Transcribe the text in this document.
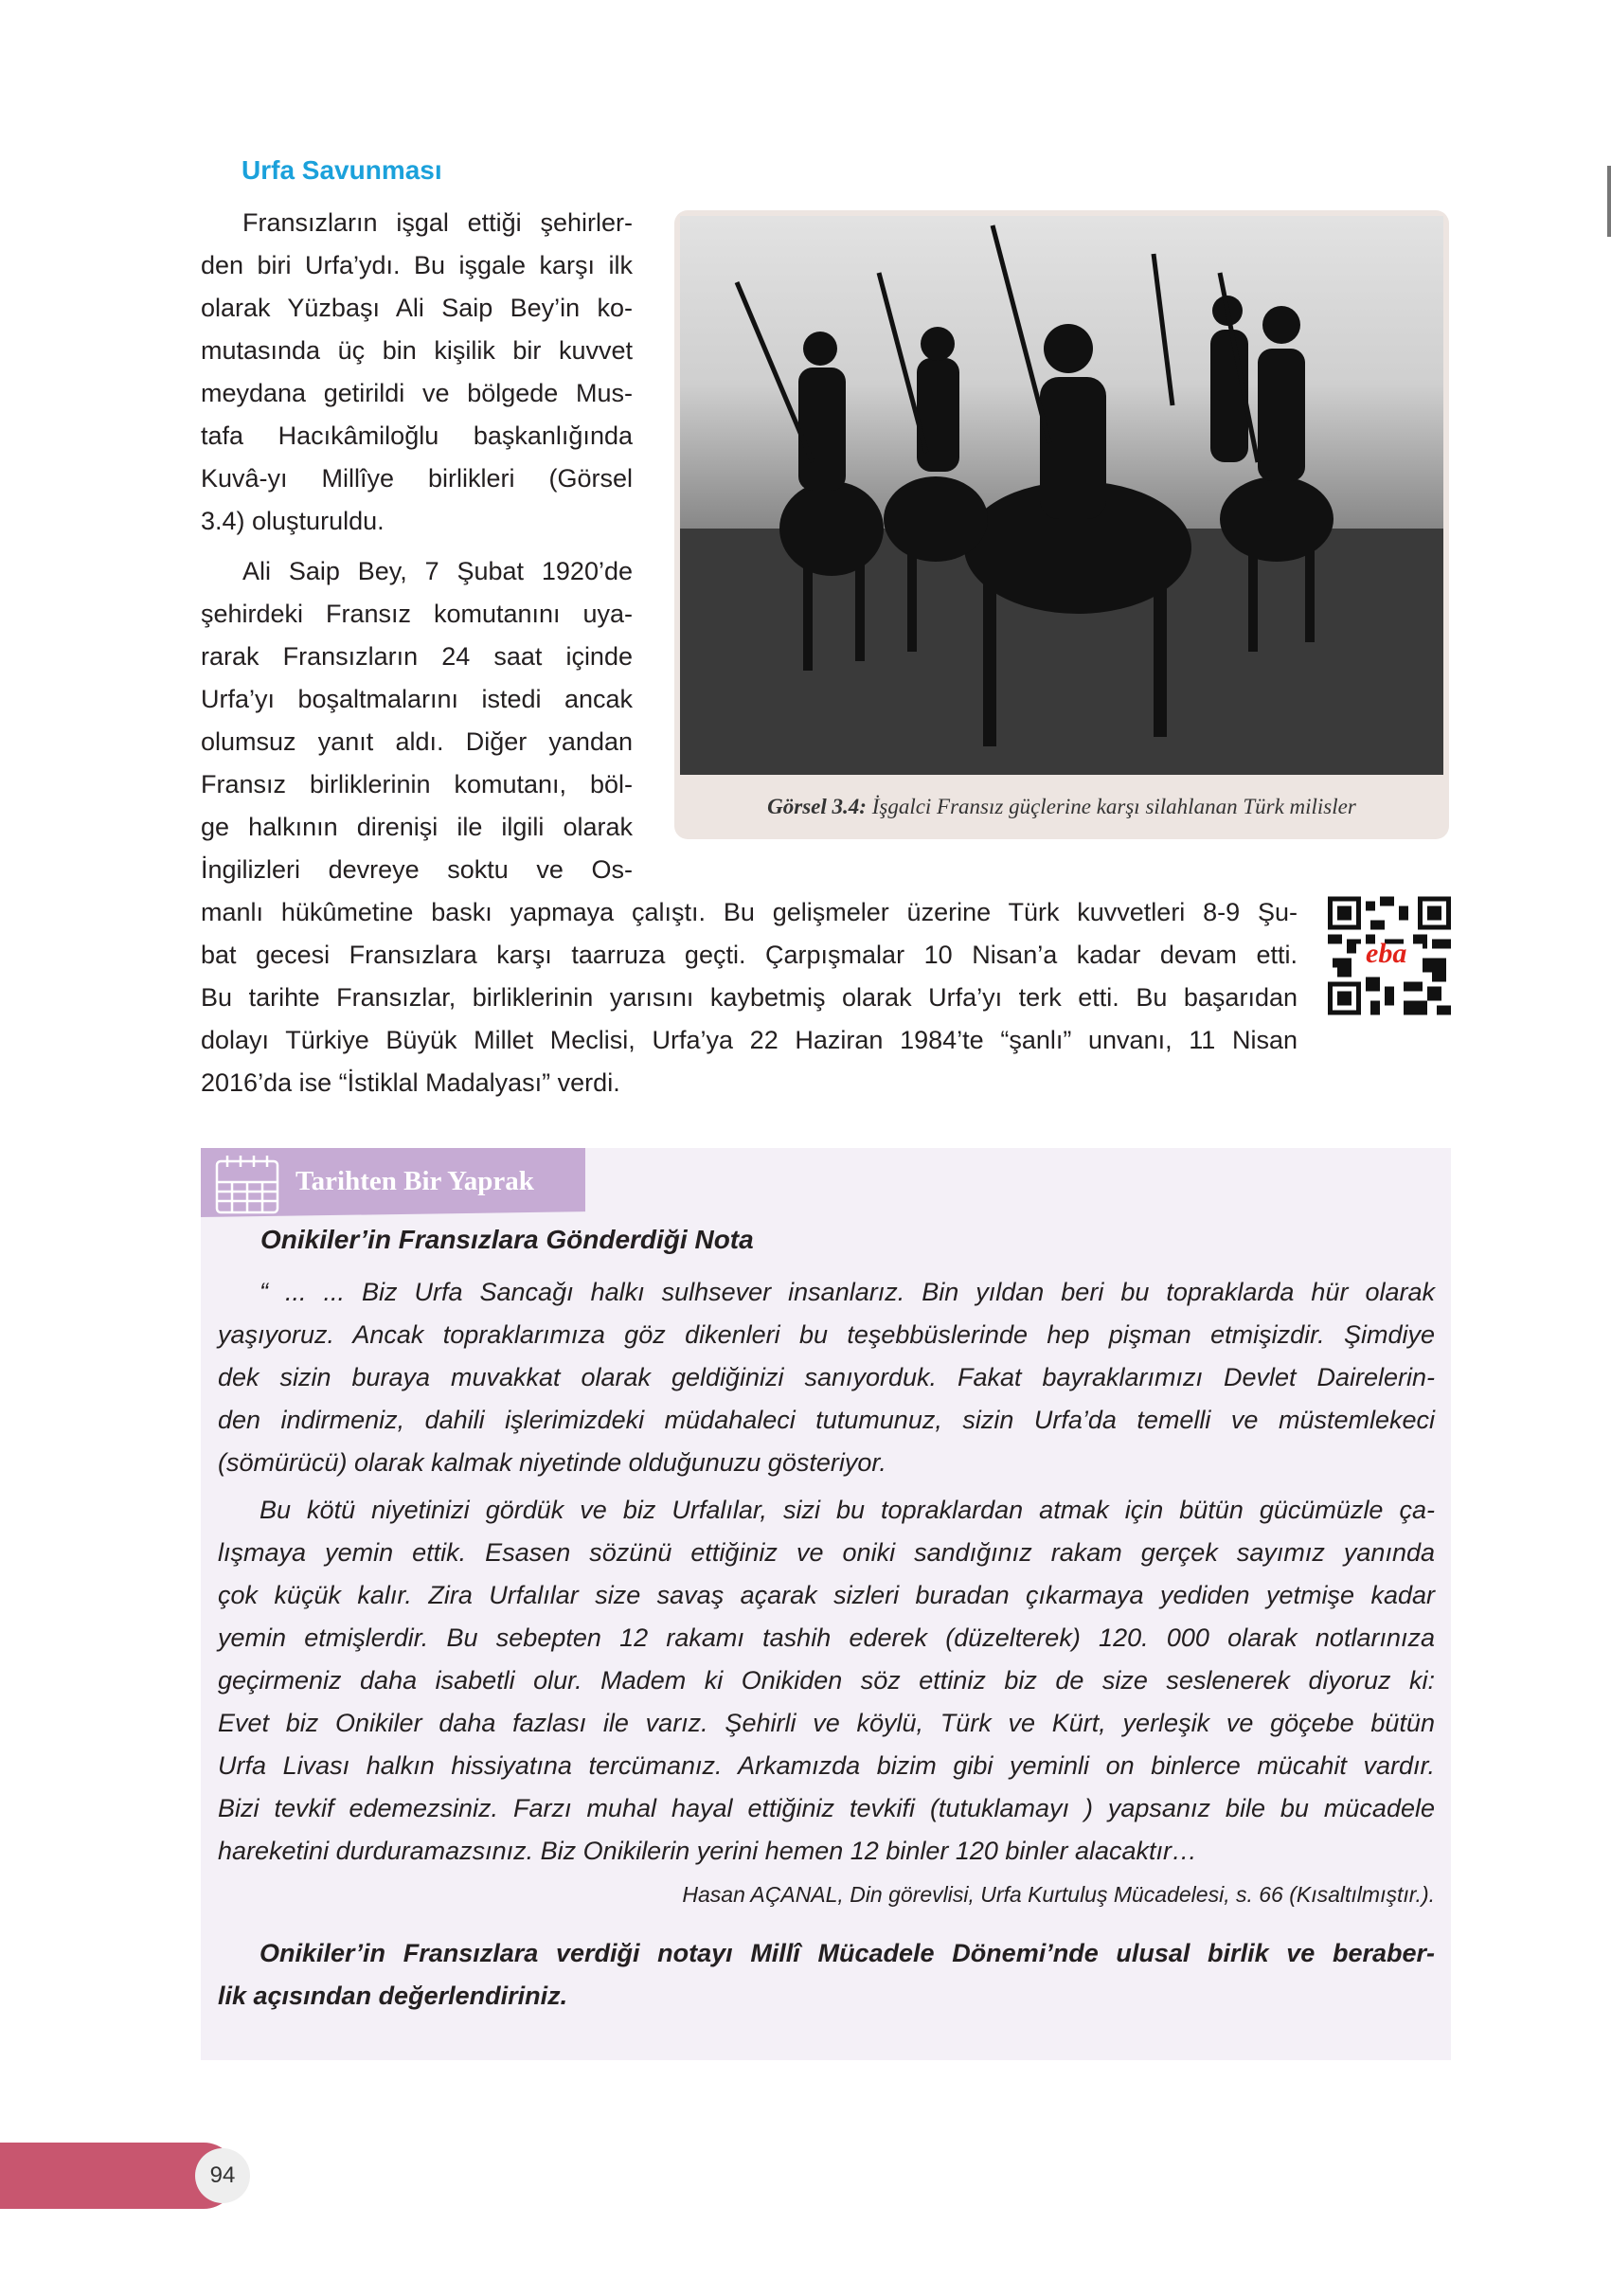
Urfa Savunması
Fransızların işgal ettiği şehirler-
den biri Urfa’ydı. Bu işgale karşı ilk
olarak Yüzbaşı Ali Saip Bey’in ko-
mutasında üç bin kişilik bir kuvvet
meydana getirildi ve bölgede Mus-
tafa Hacıkâmiloğlu başkanlığında
Kuvâ-yı Millîye birlikleri (Görsel
3.4) oluşturuldu.
Ali Saip Bey, 7 Şubat 1920’de
şehirdeki Fransız komutanını uya-
rarak Fransızların 24 saat içinde
Urfa’yı boşaltmalarını istedi ancak
olumsuz yanıt aldı. Diğer yandan
Fransız birliklerinin komutanı, böl-
ge halkının direnişi ile ilgili olarak
İngilizleri devreye soktu ve Os-
manlı hükûmetine baskı yapmaya çalıştı. Bu gelişmeler üzerine Türk kuvvetleri 8-9 Şu-
bat gecesi Fransızlara karşı taarruza geçti. Çarpışmalar 10 Nisan’a kadar devam etti.
Bu tarihte Fransızlar, birliklerinin yarısını kaybetmiş olarak Urfa’yı terk etti. Bu başarıdan
dolayı Türkiye Büyük Millet Meclisi, Urfa’ya 22 Haziran 1984’te “şanlı” unvanı, 11 Nisan
2016’da ise “İstiklal Madalyası” verdi.
Görsel 3.4: İşgalci Fransız güçlerine karşı silahlanan Türk milisler
eba
Tarihten Bir Yaprak
Onikiler’in Fransızlara Gönderdiği Nota
“ ... ... Biz Urfa Sancağı halkı sulhsever insanlarız. Bin yıldan beri bu topraklarda hür olarak
yaşıyoruz. Ancak topraklarımıza göz dikenleri bu teşebbüslerinde hep pişman etmişizdir. Şimdiye
dek sizin buraya muvakkat olarak geldiğinizi sanıyorduk. Fakat bayraklarımızı Devlet Dairelerin-
den indirmeniz, dahili işlerimizdeki müdahaleci tutumunuz, sizin Urfa’da temelli ve müstemlekeci
(sömürücü) olarak kalmak niyetinde olduğunuzu gösteriyor.
Bu kötü niyetinizi gördük ve biz Urfalılar, sizi bu topraklardan atmak için bütün gücümüzle ça-
lışmaya yemin ettik. Esasen sözünü ettiğiniz ve oniki sandığınız rakam gerçek sayımız yanında
çok küçük kalır. Zira Urfalılar size savaş açarak sizleri buradan çıkarmaya yediden yetmişe kadar
yemin etmişlerdir. Bu sebepten 12 rakamı tashih ederek (düzelterek) 120. 000 olarak notlarınıza
geçirmeniz daha isabetli olur. Madem ki Onikiden söz ettiniz biz de size seslenerek diyoruz ki:
Evet biz Onikiler daha fazlası ile varız. Şehirli ve köylü, Türk ve Kürt, yerleşik ve göçebe bütün
Urfa Livası halkın hissiyatına tercümanız. Arkamızda bizim gibi yeminli on binlerce mücahit vardır.
Bizi tevkif edemezsiniz. Farzı muhal hayal ettiğiniz tevkifi (tutuklamayı ) yapsanız bile bu mücadele
hareketini durduramazsınız. Biz Onikilerin yerini hemen 12 binler 120 binler alacaktır…
Hasan AÇANAL, Din görevlisi, Urfa Kurtuluş Mücadelesi, s. 66 (Kısaltılmıştır.).
Onikiler’in Fransızlara verdiği notayı Millî Mücadele Dönemi’nde ulusal birlik ve beraber-
lik açısından değerlendiriniz.
94
